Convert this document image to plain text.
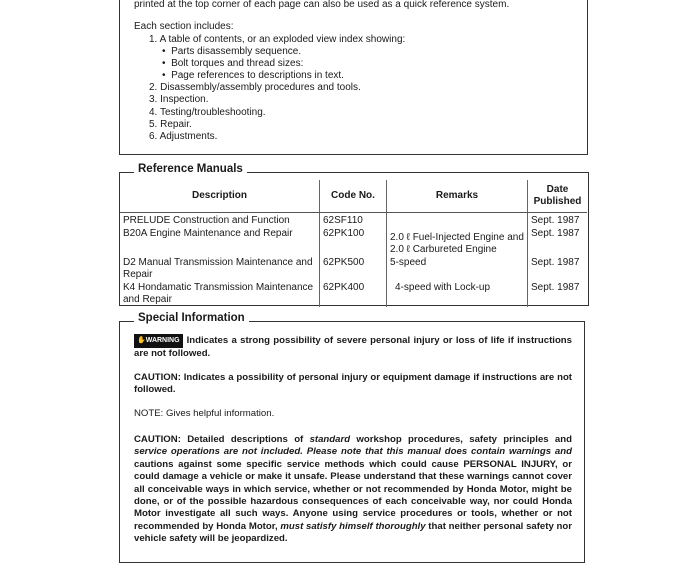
printed at the top corner of each page can also be used as a quick reference system.
Each section includes:
1. A table of contents, or an exploded view index showing:
•  Parts disassembly sequence.
•  Bolt torques and thread sizes:
•  Page references to descriptions in text.
2. Disassembly/assembly procedures and tools.
3. Inspection.
4. Testing/troubleshooting.
5. Repair.
6. Adjustments.
Reference Manuals
Description	Code No.	Remarks	Date Published
PRELUDE Construction and Function	62SF110		Sept. 1987
B20A Engine Maintenance and Repair	62PK100	2.0 ℓ Fuel-Injected Engine and 2.0 ℓ Carbureted Engine	Sept. 1987
D2 Manual Transmission Maintenance and Repair	62PK500	5-speed	Sept. 1987
K4 Hondamatic Transmission Maintenance and Repair	62PK400	4-speed with Lock-up	Sept. 1987
Special Information
✋WARNING Indicates a strong possibility of severe personal injury or loss of life if instructions are not followed.
CAUTION: Indicates a possibility of personal injury or equipment damage if instructions are not followed.
NOTE: Gives helpful information.
CAUTION: Detailed descriptions of standard workshop procedures, safety principles and service operations are not included. Please note that this manual does contain warnings and cautions against some specific service methods which could cause PERSONAL INJURY, or could damage a vehicle or make it unsafe. Please understand that these warnings cannot cover all conceivable ways in which service, whether or not recommended by Honda Motor, might be done, or of the possible hazardous consequences of each conceivable way, nor could Honda Motor investigate all such ways. Anyone using service procedures or tools, whether or not recommended by Honda Motor, must satisfy himself thoroughly that neither personal safety nor vehicle safety will be jeopardized.
